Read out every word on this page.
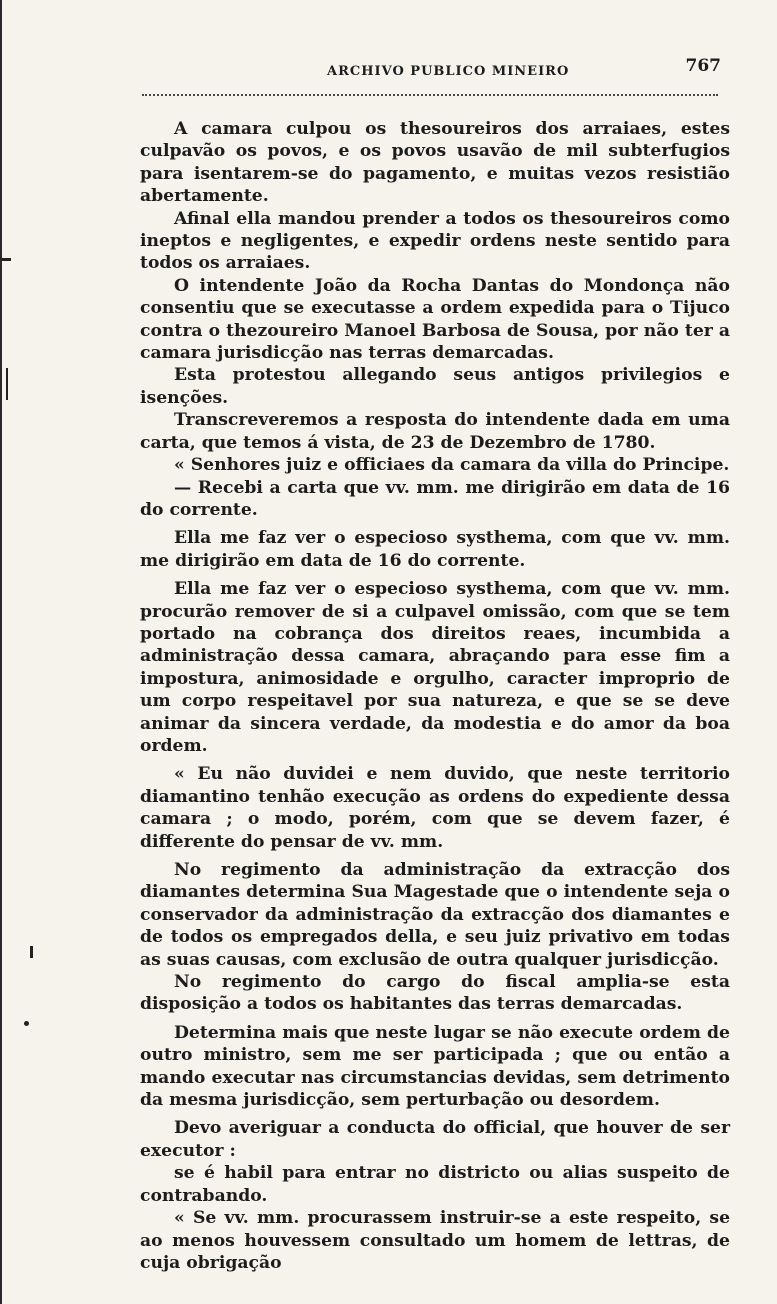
ARCHIVO PUBLICO MINEIRO	767

A camara culpou os thesoureiros dos arraiaes, estes culpavão os povos, e os povos usavão de mil subterfugios para isentarem-se do pagamento, e muitas vezos resistião abertamente.

Afinal ella mandou prender a todos os thesoureiros como ineptos e negligentes, e expedir ordens neste sentido para todos os arraiaes.

O intendente João da Rocha Dantas do Mondonça não consentiu que se executasse a ordem expedida para o Tijuco contra o thezoureiro Manoel Barbosa de Sousa, por não ter a camara jurisdicção nas terras demarcadas.

Esta protestou allegando seus antigos privilegios e isenções.

Transcreveremos a resposta do intendente dada em uma carta, que temos á vista, de 23 de Dezembro de 1780.

« Senhores juiz e officiaes da camara da villa do Principe.

— Recebi a carta que vv. mm. me dirigirão em data de 16 do corrente.

Ella me faz ver o especioso systhema, com que vv. mm. me dirigirão em data de 16 do corrente.

Ella me faz ver o especioso systhema, com que vv. mm. procurão remover de si a culpavel omissão, com que se tem portado na cobrança dos direitos reaes, incumbida a administração dessa camara, abraçando para esse fim a impostura, animosidade e orgulho, caracter improprio de um corpo respeitavel por sua natureza, e que se se deve animar da sincera verdade, da modestia e do amor da boa ordem.

« Eu não duvidei e nem duvido, que neste territorio diamantino tenhão execução as ordens do expediente dessa camara ; o modo, porém, com que se devem fazer, é differente do pensar de vv. mm.

No regimento da administração da extracção dos diamantes determina Sua Magestade que o intendente seja o conservador da administração da extracção dos diamantes e de todos os empregados della, e seu juiz privativo em todas as suas causas, com exclusão de outra qualquer jurisdicção.

No regimento do cargo do fiscal amplia-se esta disposição a todos os habitantes das terras demarcadas.

Determina mais que neste lugar se não execute ordem de outro ministro, sem me ser participada ; que ou então a mando executar nas circumstancias devidas, sem detrimento da mesma jurisdicção, sem perturbação ou desordem.

Devo averiguar a conducta do official, que houver de ser executor :

se é habil para entrar no districto ou alias suspeito de contrabando.

« Se vv. mm. procurassem instruir-se a este respeito, se ao menos houvessem consultado um homem de lettras, de cuja obrigação
